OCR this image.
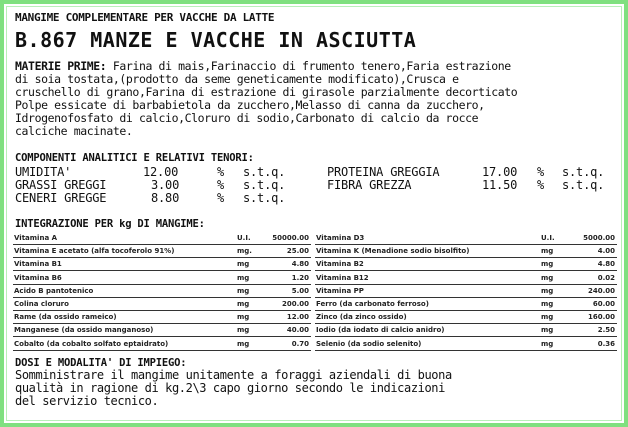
MANGIME COMPLEMENTARE PER VACCHE DA LATTE
B.867 MANZE E VACCHE IN ASCIUTTA
MATERIE PRIME: Farina di mais,Farinaccio di frumento tenero,Faria estrazione
di soia tostata,(prodotto da seme geneticamente modificato),Crusca e
cruschello di grano,Farina di estrazione di girasole parzialmente decorticato
Polpe essicate di barbabietola da zucchero,Melasso di canna da zucchero,
Idrogenofosfato di calcio,Cloruro di sodio,Carbonato di calcio da rocce
calciche macinate.
COMPONENTI ANALITICI E RELATIVI TENORI:
UMIDITA'	12.00	% s.t.q.
GRASSI GREGGI	3.00	% s.t.q.
CENERI GREGGE	8.80	% s.t.q.
PROTEINA GREGGIA	17.00 % s.t.q.
FIBRA GREZZA	11.50 % s.t.q.
INTEGRAZIONE PER kg DI MANGIME:
Vitamina A	U.I.	50000.00
Vitamina E acetato (alfa tocoferolo 91%)	mg.	25.00
Vitamina B1	mg	4.80
Vitamina B6	mg	1.20
Acido B pantotenico	mg	5.00
Colina cloruro	mg	200.00
Rame (da ossido rameico)	mg	12.00
Manganese (da ossido manganoso)	mg	40.00
Cobalto (da cobalto solfato eptaidrato)	mg	0.70
Vitamina D3	U.I.	5000.00
Vitamina K (Menadione sodio bisolfito)	mg	4.00
Vitamina B2	mg	4.80
Vitamina B12	mg	0.02
Vitamina PP	mg	240.00
Ferro (da carbonato ferroso)	mg	60.00
Zinco (da zinco ossido)	mg	160.00
Iodio (da iodato di calcio anidro)	mg	2.50
Selenio (da sodio selenito)	mg	0.36
DOSI E MODALITA' DI IMPIEGO:
Somministrare il mangime unitamente a foraggi aziendali di buona
qualità in ragione di kg.2\3 capo giorno secondo le indicazioni
del servizio tecnico.
